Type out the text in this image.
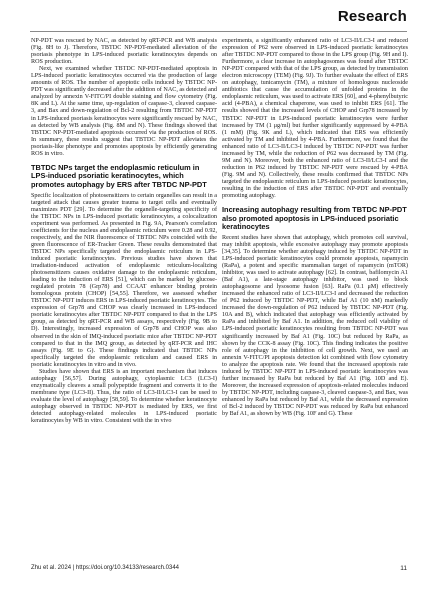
Research

NP-PDT was rescued by NAC, as detected by qRT-PCR and WB analysis (Fig. 8H to J). Therefore, TBTDC NP-PDT-mediated alleviation of the psoriasis phenotype in LPS-induced psoriatic keratinocytes depends on ROS production.

Next, we examined whether TBTDC NP-PDT-mediated apoptosis in LPS-induced psoriatic keratinocytes occurred via the production of large amounts of ROS. The number of apoptotic cells induced by TBTDC NP-PDT was significantly decreased after the addition of NAC, as detected and analyzed by annexin V-FITC/PI double staining and flow cytometry (Fig. 8K and L). At the same time, up-regulation of caspase-3, cleaved caspase-3, and Bax and down-regulation of Bcl-2 resulting from TBTDC NP-PDT in LPS-induced psoriasis keratinocytes were significantly rescued by NAC, as detected by WB analysis (Fig. 8M and N). These findings showed that TBTDC NP-PDT-mediated apoptosis occurred via the production of ROS. In summary, these results suggest that TBTDC NP-PDT alleviates the psoriasis-like phenotype and promotes apoptosis by efficiently generating ROS in vitro.

TBTDC NPs target the endoplasmic reticulum in LPS-induced psoriatic keratinocytes, which promotes autophagy by ERS after TBTDC NP-PDT

Specific localization of photosensitizers to certain organelles can result in a targeted attack that causes greater trauma to target cells and eventually maximizes PDT [29]. To determine the organelle-targeting specificity of the TBTDC NPs in LPS-induced psoriatic keratinocytes, a colocalization experiment was performed. As presented in Fig. 9A, Pearson's correlation coefficients for the nucleus and endoplasmic reticulum were 0.28 and 0.92, respectively, and the NIR fluorescence of TBTDC NPs coincided with the green fluorescence of ER-Tracker Green. These results demonstrated that TBTDC NPs specifically targeted the endoplasmic reticulum in LPS-induced psoriatic keratinocytes. Previous studies have shown that irradiation-induced activation of endoplasmic reticulum-localizing photosensitizers causes oxidative damage to the endoplasmic reticulum, leading to the induction of ERS [51], which can be marked by glucose-regulated protein 78 (Grp78) and CCAAT enhancer binding protein homologous protein (CHOP) [54,55]. Therefore, we assessed whether TBTDC NP-PDT induces ERS in LPS-induced psoriatic keratinocytes. The expression of Grp78 and CHOP was clearly increased in LPS-induced psoriatic keratinocytes after TBTDC NP-PDT compared to that in the LPS group, as detected by qRT-PCR and WB assays, respectively (Fig. 9B to D). Interestingly, increased expression of Grp78 and CHOP was also observed in the skin of IMQ-induced psoriatic mice after TBTDC NP-PDT compared to that in the IMQ group, as detected by qRT-PCR and IHC assays (Fig. 9E to G). These findings indicated that TBTDC NPs specifically targeted the endoplasmic reticulum and caused ERS in psoriatic keratinocytes in vitro and in vivo.

Studies have shown that ERS is an important mechanism that induces autophagy [56,57]. During autophagy, cytoplasmic LC3 (LC3-I) enzymatically cleaves a small polypeptide fragment and converts it to the membrane type (LC3-II). Thus, the ratio of LC3-II/LC3-I can be used to evaluate the level of autophagy [58,59]. To determine whether keratinocyte autophagy observed in TBTDC NP-PDT is mediated by ERS, we first detected autophagy-related molecules in LPS-induced psoriatic keratinocytes by WB in vitro. Consistent with the in vivo

experiments, a significantly enhanced ratio of LC3-II/LC3-I and reduced expression of P62 were observed in LPS-induced psoriatic keratinocytes after TBTDC NP-PDT compared to those in the LPS group (Fig. 9H and I). Furthermore, a clear increase in autophagosomes was found after TBTDC NP-PDT compared with that of the LPS group, as detected by transmission electron microscopy (TEM) (Fig. 9J). To further evaluate the effect of ERS on autophagy, tunicamycin (TM), a mixture of homologous nucleoside antibiotics that cause the accumulation of unfolded proteins in the endoplasmic reticulum, was used to activate ERS [60], and 4-phenylbutyric acid (4-PBA), a chemical chaperone, was used to inhibit ERS [61]. The results showed that the increased levels of CHOP and Grp78 increased by TBTDC NP-PDT in LPS-induced psoriatic keratinocytes were further increased by TM (1 μg/ml) but further significantly suppressed by 4-PBA (1 mM) (Fig. 9K and L), which indicated that ERS was efficiently activated by TM and inhibited by 4-PBA. Furthermore, we found that the enhanced ratio of LC3-II/LC3-I induced by TBTDC NP-PDT was further increased by TM, while the reduction of P62 was decreased by TM (Fig. 9M and N). Moreover, both the enhanced ratio of LC3-II/LC3-I and the reduction in P62 induced by TBTDC NP-PDT were rescued by 4-PBA (Fig. 9M and N). Collectively, these results confirmed that TBTDC NPs targeted the endoplasmic reticulum in LPS-induced psoriatic keratinocytes, resulting in the induction of ERS after TBTDC NP-PDT and eventually promoting autophagy.

Increasing autophagy resulting from TBTDC NP-PDT also promoted apoptosis in LPS-induced psoriatic keratinocytes

Recent studies have shown that autophagy, which promotes cell survival, may inhibit apoptosis, while excessive autophagy may promote apoptosis [34,35]. To determine whether autophagy induced by TBTDC NP-PDT in LPS-induced psoriatic keratinocytes could promote apoptosis, rapamycin (RaPa), a potent and specific mammalian target of rapamycin (mTOR) inhibitor, was used to activate autophagy [62]. In contrast, bafilomycin A1 (Baf A1), a late-stage autophagy inhibitor, was used to block autophagosome and lysosome fusion [63]. RaPa (0.1 μM) effectively increased the enhanced ratio of LC3-II/LC3-I and decreased the reduction of P62 induced by TBTDC NP-PDT, while Baf A1 (10 nM) markedly increased the down-regulation of P62 induced by TBTDC NP-PDT (Fig. 10A and B), which indicated that autophagy was efficiently activated by RaPa and inhibited by Baf A1. In addition, the reduced cell viability of LPS-induced psoriatic keratinocytes resulting from TBTDC NP-PDT was significantly increased by Baf A1 (Fig. 10C) but reduced by RaPa, as shown by the CCK-8 assay (Fig. 10C). This finding indicates the positive role of autophagy in the inhibition of cell growth. Next, we used an annexin V-FITC/PI apoptosis detection kit combined with flow cytometry to analyze the apoptosis rate. We found that the increased apoptosis rate induced by TBTDC NP-PDT in LPS-induced psoriatic keratinocytes was further increased by RaPa but reduced by Baf A1 (Fig. 10D and E). Moreover, the increased expression of apoptosis-related molecules induced by TBTDC NP-PDT, including caspase-3, cleaved caspase-3, and Bax, was enhanced by RaPa but reduced by Baf A1, while the decreased expression of Bcl-2 induced by TBTDC NP-PDT was reduced by RaPa but enhanced by Baf A1, as shown by WB (Fig. 10F and G). These

Zhu et al. 2024 | https://doi.org/10.34133/research.0344	11
